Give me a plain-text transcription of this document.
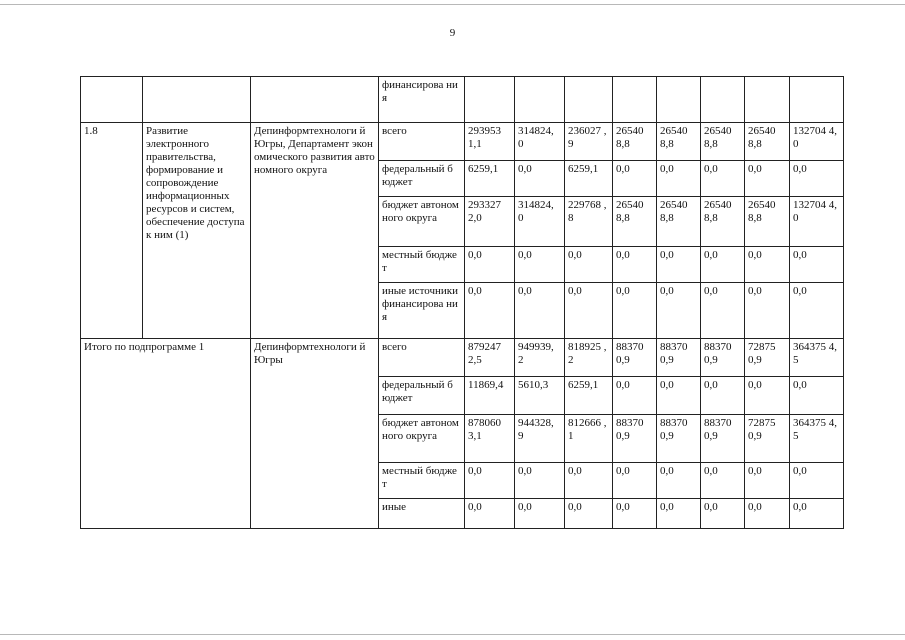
9
			финансирова ния								
1.8	Развитие электронного правительства, формирование и сопровождение информационных ресурсов и систем, обеспечение доступа к ним (1)	Депинформтехнологи й Югры, Департамент экономического развития автономного округа	всего	293953 1,1	314824, 0	236027 ,9	26540 8,8	26540 8,8	26540 8,8	26540 8,8	132704 4,0
			федеральный бюджет	6259,1	0,0	6259,1	0,0	0,0	0,0	0,0	0,0
			бюджет автономного округа	293327 2,0	314824, 0	229768 ,8	26540 8,8	26540 8,8	26540 8,8	26540 8,8	132704 4,0
			местный бюджет	0,0	0,0	0,0	0,0	0,0	0,0	0,0	0,0
			иные источники финансирова ния	0,0	0,0	0,0	0,0	0,0	0,0	0,0	0,0
Итого по подпрограмме 1		Депинформтехнологи й Югры	всего	879247 2,5	949939, 2	818925 ,2	88370 0,9	88370 0,9	88370 0,9	72875 0,9	364375 4,5
			федеральный бюджет	11869,4	5610,3	6259,1	0,0	0,0	0,0	0,0	0,0
			бюджет автономного округа	878060 3,1	944328, 9	812666 ,1	88370 0,9	88370 0,9	88370 0,9	72875 0,9	364375 4,5
			местный бюджет	0,0	0,0	0,0	0,0	0,0	0,0	0,0	0,0
			иные	0,0	0,0	0,0	0,0	0,0	0,0	0,0	0,0
